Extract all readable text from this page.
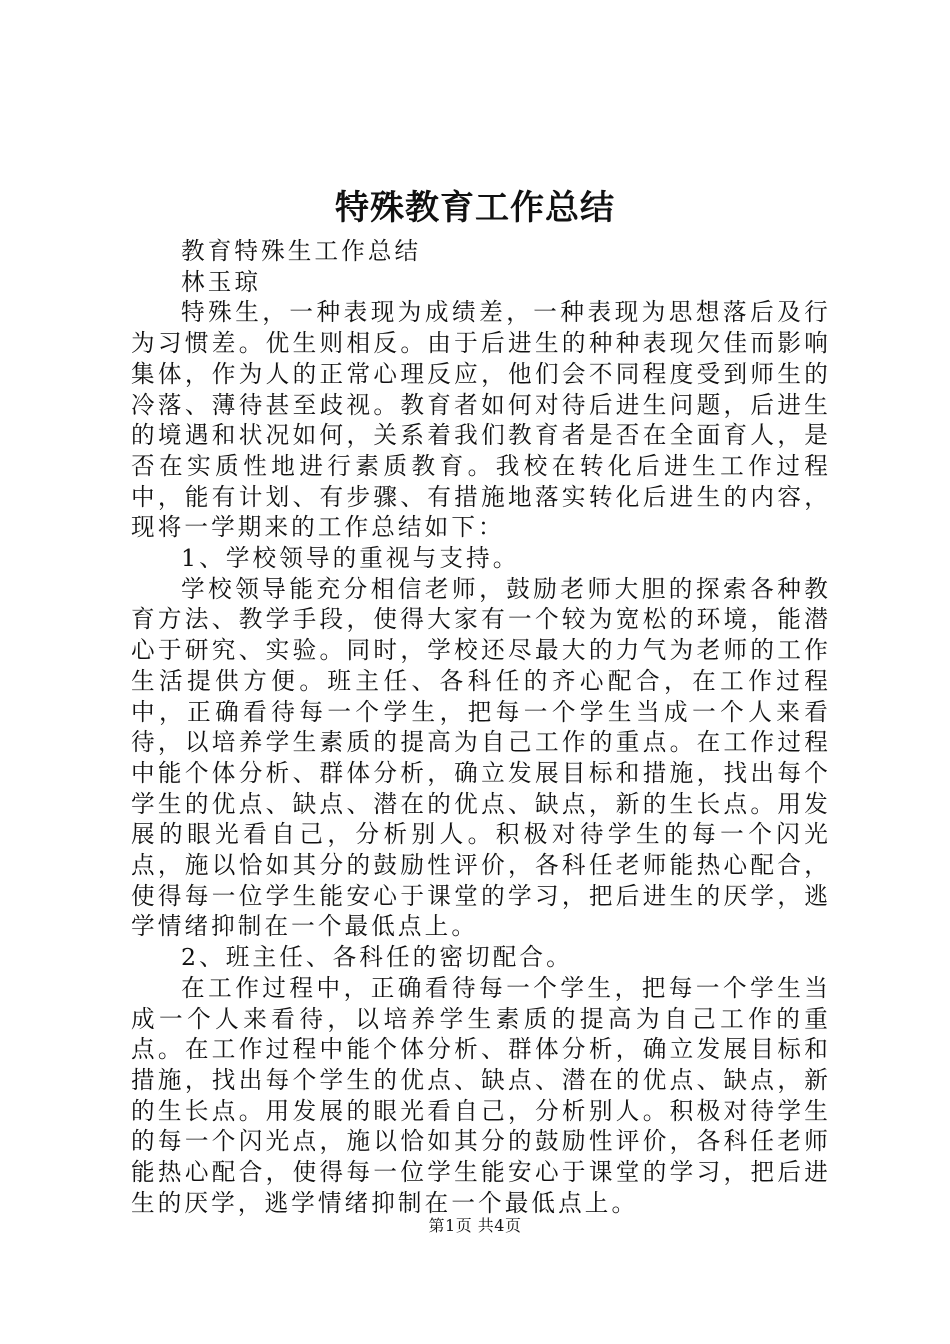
特殊教育工作总结

教育特殊生工作总结

林玉琼

特殊生，一种表现为成绩差，一种表现为思想落后及行为习惯差。优生则相反。由于后进生的种种表现欠佳而影响集体，作为人的正常心理反应，他们会不同程度受到师生的冷落、薄待甚至歧视。教育者如何对待后进生问题，后进生的境遇和状况如何，关系着我们教育者是否在全面育人，是否在实质性地进行素质教育。我校在转化后进生工作过程中，能有计划、有步骤、有措施地落实转化后进生的内容，现将一学期来的工作总结如下：

1、学校领导的重视与支持。

学校领导能充分相信老师，鼓励老师大胆的探索各种教育方法、教学手段，使得大家有一个较为宽松的环境，能潜心于研究、实验。同时，学校还尽最大的力气为老师的工作生活提供方便。班主任、各科任的齐心配合，在工作过程中，正确看待每一个学生，把每一个学生当成一个人来看待，以培养学生素质的提高为自己工作的重点。在工作过程中能个体分析、群体分析，确立发展目标和措施，找出每个学生的优点、缺点、潜在的优点、缺点，新的生长点。用发展的眼光看自己，分析别人。积极对待学生的每一个闪光点，施以恰如其分的鼓励性评价，各科任老师能热心配合，使得每一位学生能安心于课堂的学习，把后进生的厌学，逃学情绪抑制在一个最低点上。

2、班主任、各科任的密切配合。

在工作过程中，正确看待每一个学生，把每一个学生当成一个人来看待，以培养学生素质的提高为自己工作的重点。在工作过程中能个体分析、群体分析，确立发展目标和措施，找出每个学生的优点、缺点、潜在的优点、缺点，新的生长点。用发展的眼光看自己，分析别人。积极对待学生的每一个闪光点，施以恰如其分的鼓励性评价，各科任老师能热心配合，使得每一位学生能安心于课堂的学习，把后进生的厌学，逃学情绪抑制在一个最低点上。

第1页 共4页
